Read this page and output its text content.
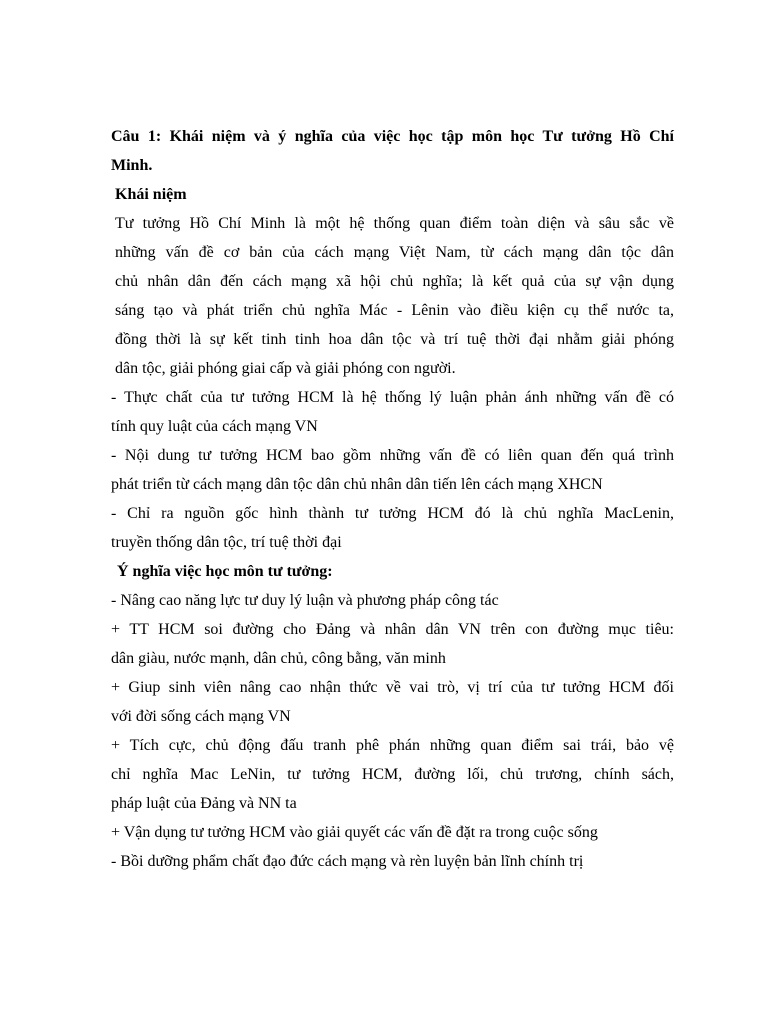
Câu 1: Khái niệm và ý nghĩa của việc học tập môn học Tư tưởng Hồ Chí
Minh.
Khái niệm
Tư tưởng Hồ Chí Minh là một hệ thống quan điểm toàn diện và sâu sắc về
những vấn đề cơ bản của cách mạng Việt Nam, từ cách mạng dân tộc dân
chủ nhân dân đến cách mạng xã hội chủ nghĩa; là kết quả của sự vận dụng
sáng tạo và phát triển chủ nghĩa Mác - Lênin vào điều kiện cụ thể nước ta,
đồng thời là sự kết tinh tinh hoa dân tộc và trí tuệ thời đại nhằm giải phóng
dân tộc, giải phóng giai cấp và giải phóng con người.
- Thực chất của tư tưởng HCM là hệ thống lý luận phản ánh những vấn đề có
tính quy luật của cách mạng VN
- Nội dung tư tưởng HCM bao gồm những vấn đề có liên quan đến quá trình
phát triển từ cách mạng dân tộc dân chủ nhân dân tiến lên cách mạng XHCN
- Chỉ ra nguồn gốc hình thành tư tưởng HCM đó là chủ nghĩa MacLenin,
truyền thống dân tộc, trí tuệ thời đại
Ý nghĩa việc học môn tư tưởng:
- Nâng cao năng lực tư duy lý luận và phương pháp công tác
+ TT HCM soi đường cho Đảng và nhân dân VN trên con đường mục tiêu:
dân giàu, nước mạnh, dân chủ, công bằng, văn minh
+ Giup sinh viên nâng cao nhận thức về vai trò, vị trí của tư tưởng HCM đối
với đời sống cách mạng VN
+ Tích cực, chủ động đấu tranh phê phán những quan điểm sai trái, bảo vệ
chỉ nghĩa Mac LeNin, tư tưởng HCM, đường lối, chủ trương, chính sách,
pháp luật của Đảng và NN ta
+ Vận dụng tư tưởng HCM vào giải quyết các vấn đề đặt ra trong cuộc sống
- Bồi dưỡng phẩm chất đạo đức cách mạng và rèn luyện bản lĩnh chính trị
